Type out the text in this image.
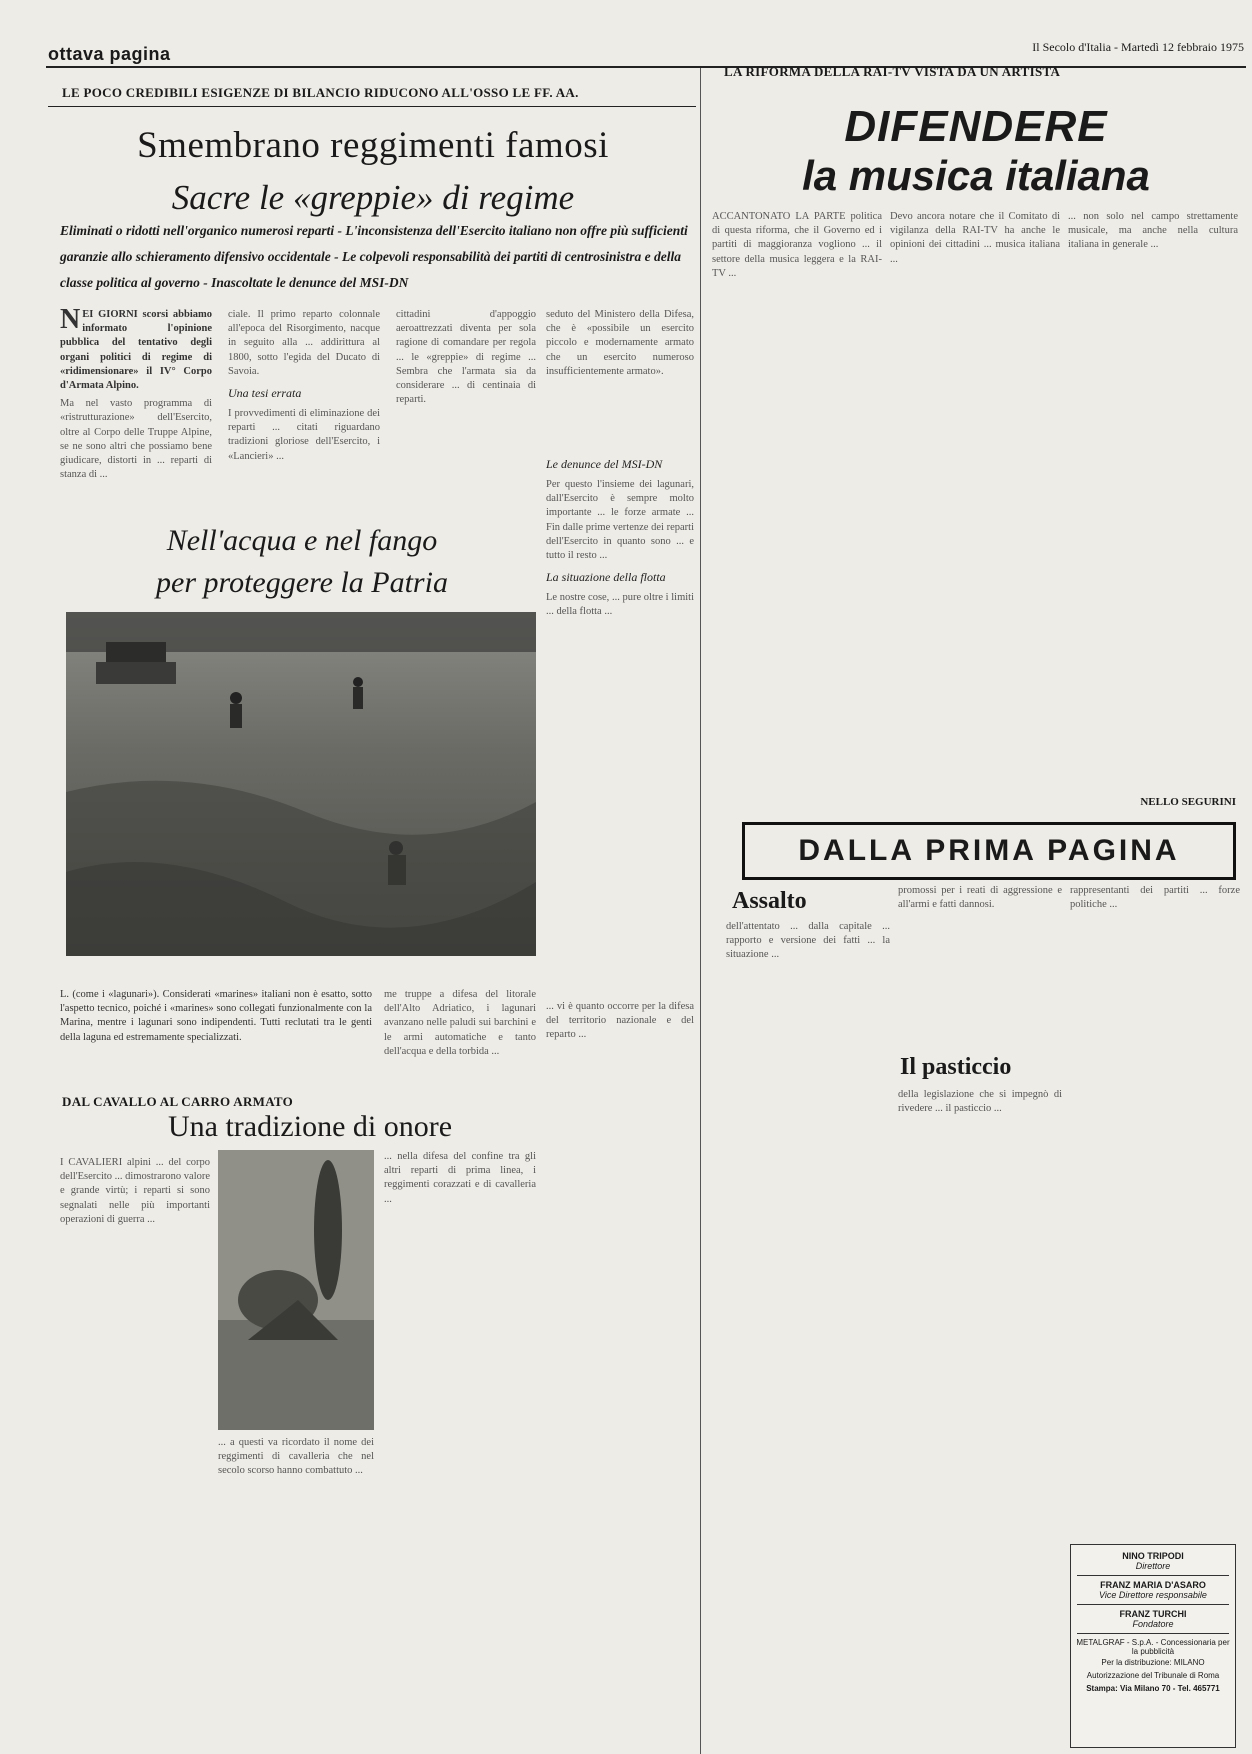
ottava pagina	Il Secolo d'Italia - Martedì 12 febbraio 1975
LE POCO CREDIBILI ESIGENZE DI BILANCIO RIDUCONO ALL'OSSO LE FF. AA.
Smembrano reggimenti famosi
Sacre le «greppie» di regime
Eliminati o ridotti nell'organico numerosi reparti - L'inconsistenza dell'Esercito italiano non offre più sufficienti garanzie allo schieramento difensivo occidentale - Le colpevoli responsabilità dei partiti di centrosinistra e della classe politica al governo - Inascoltate le denunce del MSI-DN

NEI GIORNI scorsi abbiamo informato l'opinione pubblica del tentativo degli organi politici di regime di «ridimensionare» il IV° Corpo d'Armata Alpino.

Ma nel vasto programma di «ristrutturazione» dell'Esercito, oltre al Corpo delle Truppe Alpine, se ne sono altri che possiamo bene giudicare, distorti in ... reparti di stanza di ...

ciale. Il primo reparto colonnale all'epoca del Risorgimento, nacque in seguito alla ... addirittura al 1800, sotto l'egida del Ducato di Savoia.

Una tesi errata

I provvedimenti di eliminazione dei reparti ... citati riguardano tradizioni gloriose dell'Esercito, i «Lancieri» ...

cittadini d'appoggio aeroattrezzati diventa per sola ragione di comandare per regola ... le «greppie» di regime ... Sembra che l'armata sia da considerare ... di centinaia di reparti.

seduto del Ministero della Difesa, che è «possibile un esercito piccolo e modernamente armato che un esercito numeroso insufficientemente armato».

Nell'acqua e nel fango
per proteggere la Patria
L. (come i «lagunari»). Considerati «marines» italiani non è esatto, sotto l'aspetto tecnico, poiché i «marines» sono collegati funzionalmente con la Marina, mentre i lagunari sono indipendenti. Tutti reclutati tra le genti della laguna ed estremamente specializzati.
me truppe a difesa del litorale dell'Alto Adriatico, i lagunari avanzano nelle paludi sui barchini e le armi automatiche e tanto dell'acqua e della torbida ...
Le denunce del MSI-DN

Per questo l'insieme dei lagunari, dall'Esercito è sempre molto importante ... le forze armate ... Fin dalle prime vertenze dei reparti dell'Esercito in quanto sono ... e tutto il resto ...

La situazione della flotta

Le nostre cose, ... pure oltre i limiti ... della flotta ...

DAL CAVALLO AL CARRO ARMATO
Una tradizione di onore
I CAVALIERI alpini ... del corpo dell'Esercito ... dimostrarono valore e grande virtù; i reparti si sono segnalati nelle più importanti operazioni di guerra ...
... a questi va ricordato il nome dei reggimenti di cavalleria che nel secolo scorso hanno combattuto ...
... nella difesa del confine tra gli altri reparti di prima linea, i reggimenti corazzati e di cavalleria ...
... vi è quanto occorre per la difesa del territorio nazionale e del reparto ...
LA RIFORMA DELLA RAI-TV VISTA DA UN ARTISTA
DIFENDERE
la musica italiana
ACCANTONATO LA PARTE politica di questa riforma, che il Governo ed i partiti di maggioranza vogliono ... il settore della musica leggera e la RAI-TV ...
Devo ancora notare che il Comitato di vigilanza della RAI-TV ha anche le opinioni dei cittadini ... musica italiana ...
... non solo nel campo strettamente musicale, ma anche nella cultura italiana in generale ...
NELLO SEGURINI
DALLA PRIMA PAGINA
Assalto
dell'attentato ... dalla capitale ... rapporto e versione dei fatti ... la situazione ...
promossi per i reati di aggressione e all'armi e fatti dannosi.
Il pasticcio
della legislazione che si impegnò di rivedere ... il pasticcio ...
rappresentanti dei partiti ... forze politiche ...
NINO TRIPODI
Direttore
FRANZ MARIA D'ASARO
Vice Direttore responsabile
FRANZ TURCHI
Fondatore
METALGRAF - S.p.A. - Concessionaria per la pubblicità
Per la distribuzione: MILANO
Autorizzazione del Tribunale di Roma
Stampa: Via Milano 70 - Tel. 465771
